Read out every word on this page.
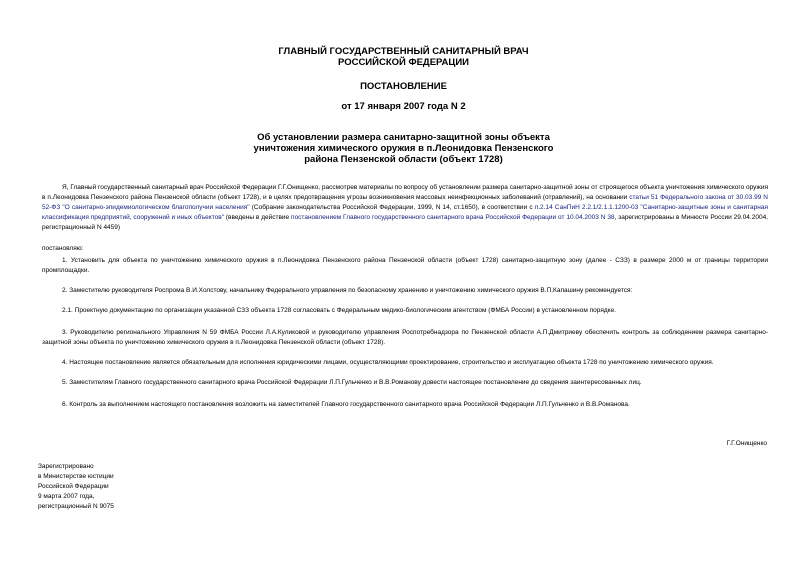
ГЛАВНЫЙ ГОСУДАРСТВЕННЫЙ САНИТАРНЫЙ ВРАЧ
РОССИЙСКОЙ ФЕДЕРАЦИИ
ПОСТАНОВЛЕНИЕ
от 17 января 2007 года N 2
Об установлении размера санитарно-защитной зоны объекта
уничтожения химического оружия в п.Леонидовка Пензенского
района Пензенской области (объект 1728)
Я, Главный государственный санитарный врач Российской Федерации Г.Г.Онищенко, рассмотрев материалы по вопросу об установлении размера санитарно-защитной зоны от строящегося объекта уничтожения химического оружия в п.Леонидовка Пензенского района Пензенской области (объект 1728), и в целях предотвращения угрозы возникновения массовых неинфекционных заболеваний (отравлений), на основании статьи 51 Федерального закона от 30.03.99 N 52-ФЗ "О санитарно-эпидемиологическом благополучии населения" (Собрание законодательства Российской Федерации, 1999, N 14, ст.1650), в соответствии с п.2.14 СанПиН 2.2.1/2.1.1.1200-03 "Санитарно-защитные зоны и санитарная классификация предприятий, сооружений и иных объектов" (введены в действие постановлением Главного государственного санитарного врача Российской Федерации от 10.04.2003 N 38, зарегистрированы в Минюсте России 29.04.2004, регистрационный N 4459)
постановляю:
1. Установить для объекта по уничтожению химического оружия в п.Леонидовка Пензенского района Пензенской области (объект 1728) санитарно-защитную зону (далее - СЗЗ) в размере 2000 м от границы территории промплощадки.
2. Заместителю руководителя Роспрома В.И.Холстову, начальнику Федерального управления по безопасному хранению и уничтожению химического оружия В.П.Капашину рекомендуется:
2.1. Проектную документацию по организации указанной СЗЗ объекта 1728 согласовать с Федеральным медико-биологическим агентством (ФМБА России) в установленном порядке.
3. Руководителю регионального Управления N 59 ФМБА России Л.А.Куликовой и руководителю управления Роспотребнадзора по Пензенской области А.П.Дмитриеву обеспечить контроль за соблюдением размера санитарно-защитной зоны объекта по уничтожению химического оружия в п.Леонидовка Пензенской области (объект 1728).
4. Настоящее постановление является обязательным для исполнения юридическими лицами, осуществляющими проектирование, строительство и эксплуатацию объекта 1728 по уничтожению химического оружия.
5. Заместителям Главного государственного санитарного врача Российской Федерации Л.П.Гульченко и В.В.Романову довести настоящее постановление до сведения заинтересованных лиц.
6. Контроль за выполнением настоящего постановления возложить на заместителей Главного государственного санитарного врача Российской Федерации Л.П.Гульченко и В.В.Романова.
Г.Г.Онищенко
Зарегистрировано
в Министерстве юстиции
Российской Федерации
9 марта 2007 года,
регистрационный N 9075
